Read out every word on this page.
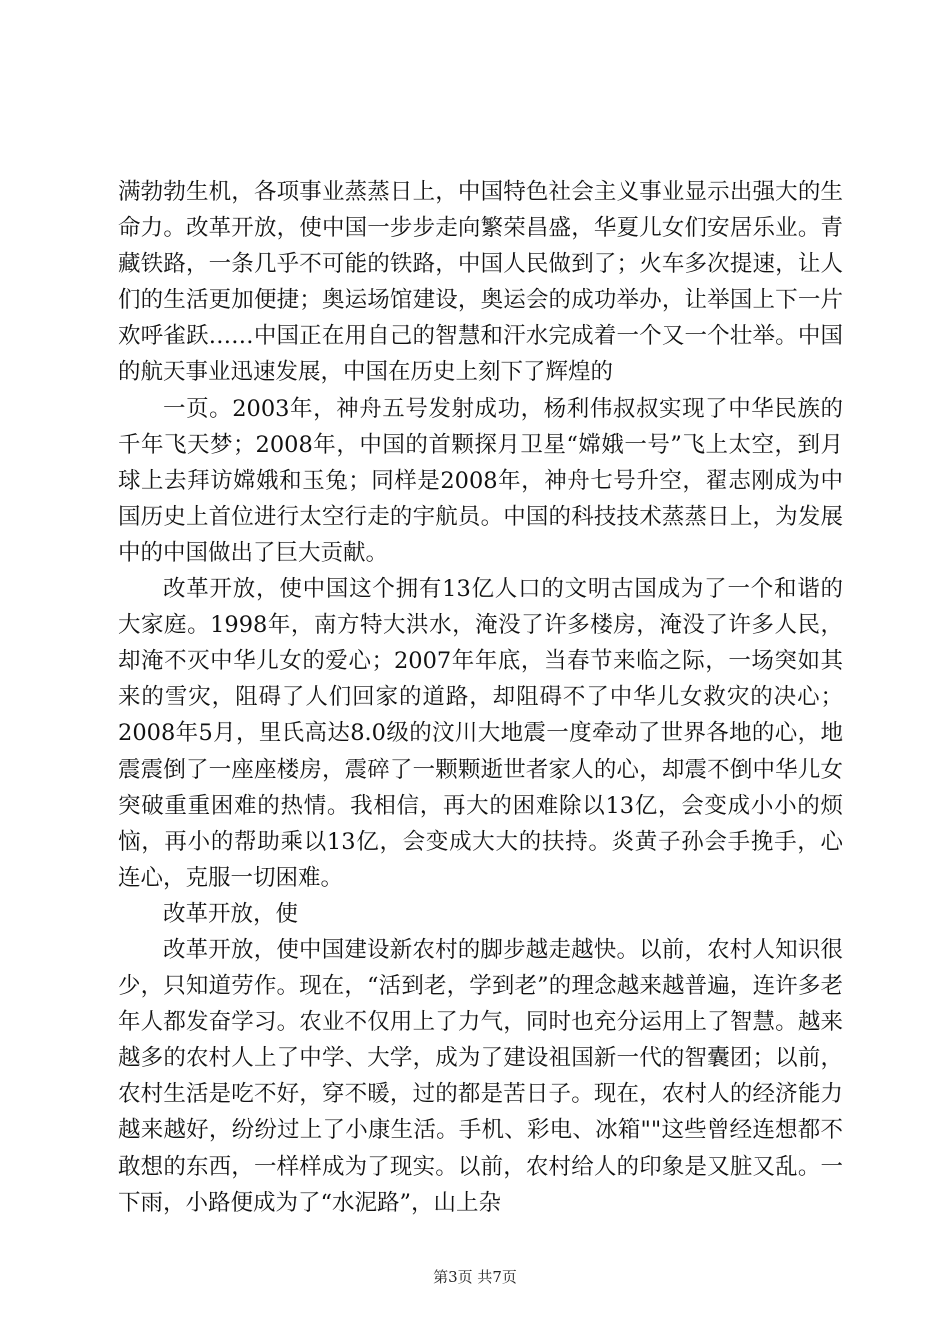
满勃勃生机，各项事业蒸蒸日上，中国特色社会主义事业显示出强大的生命力。改革开放，使中国一步步走向繁荣昌盛，华夏儿女们安居乐业。青藏铁路，一条几乎不可能的铁路，中国人民做到了；火车多次提速，让人们的生活更加便捷；奥运场馆建设，奥运会的成功举办，让举国上下一片欢呼雀跃……中国正在用自己的智慧和汗水完成着一个又一个壮举。中国的航天事业迅速发展，中国在历史上刻下了辉煌的

一页。2003年，神舟五号发射成功，杨利伟叔叔实现了中华民族的千年飞天梦；2008年，中国的首颗探月卫星“嫦娥一号”飞上太空，到月球上去拜访嫦娥和玉兔；同样是2008年，神舟七号升空，翟志刚成为中国历史上首位进行太空行走的宇航员。中国的科技技术蒸蒸日上，为发展中的中国做出了巨大贡献。

改革开放，使中国这个拥有13亿人口的文明古国成为了一个和谐的大家庭。1998年，南方特大洪水，淹没了许多楼房，淹没了许多人民，却淹不灭中华儿女的爱心；2007年年底，当春节来临之际，一场突如其来的雪灾，阻碍了人们回家的道路，却阻碍不了中华儿女救灾的决心；2008年5月，里氏高达8.0级的汶川大地震一度牵动了世界各地的心，地震震倒了一座座楼房，震碎了一颗颗逝世者家人的心，却震不倒中华儿女突破重重困难的热情。我相信，再大的困难除以13亿，会变成小小的烦恼，再小的帮助乘以13亿，会变成大大的扶持。炎黄子孙会手挽手，心连心，克服一切困难。

改革开放，使

改革开放，使中国建设新农村的脚步越走越快。以前，农村人知识很少，只知道劳作。现在，“活到老，学到老”的理念越来越普遍，连许多老年人都发奋学习。农业不仅用上了力气，同时也充分运用上了智慧。越来越多的农村人上了中学、大学，成为了建设祖国新一代的智囊团；以前，农村生活是吃不好，穿不暖，过的都是苦日子。现在，农村人的经济能力越来越好，纷纷过上了小康生活。手机、彩电、冰箱""这些曾经连想都不敢想的东西，一样样成为了现实。以前，农村给人的印象是又脏又乱。一下雨，小路便成为了“水泥路”，山上杂

第3页 共7页
